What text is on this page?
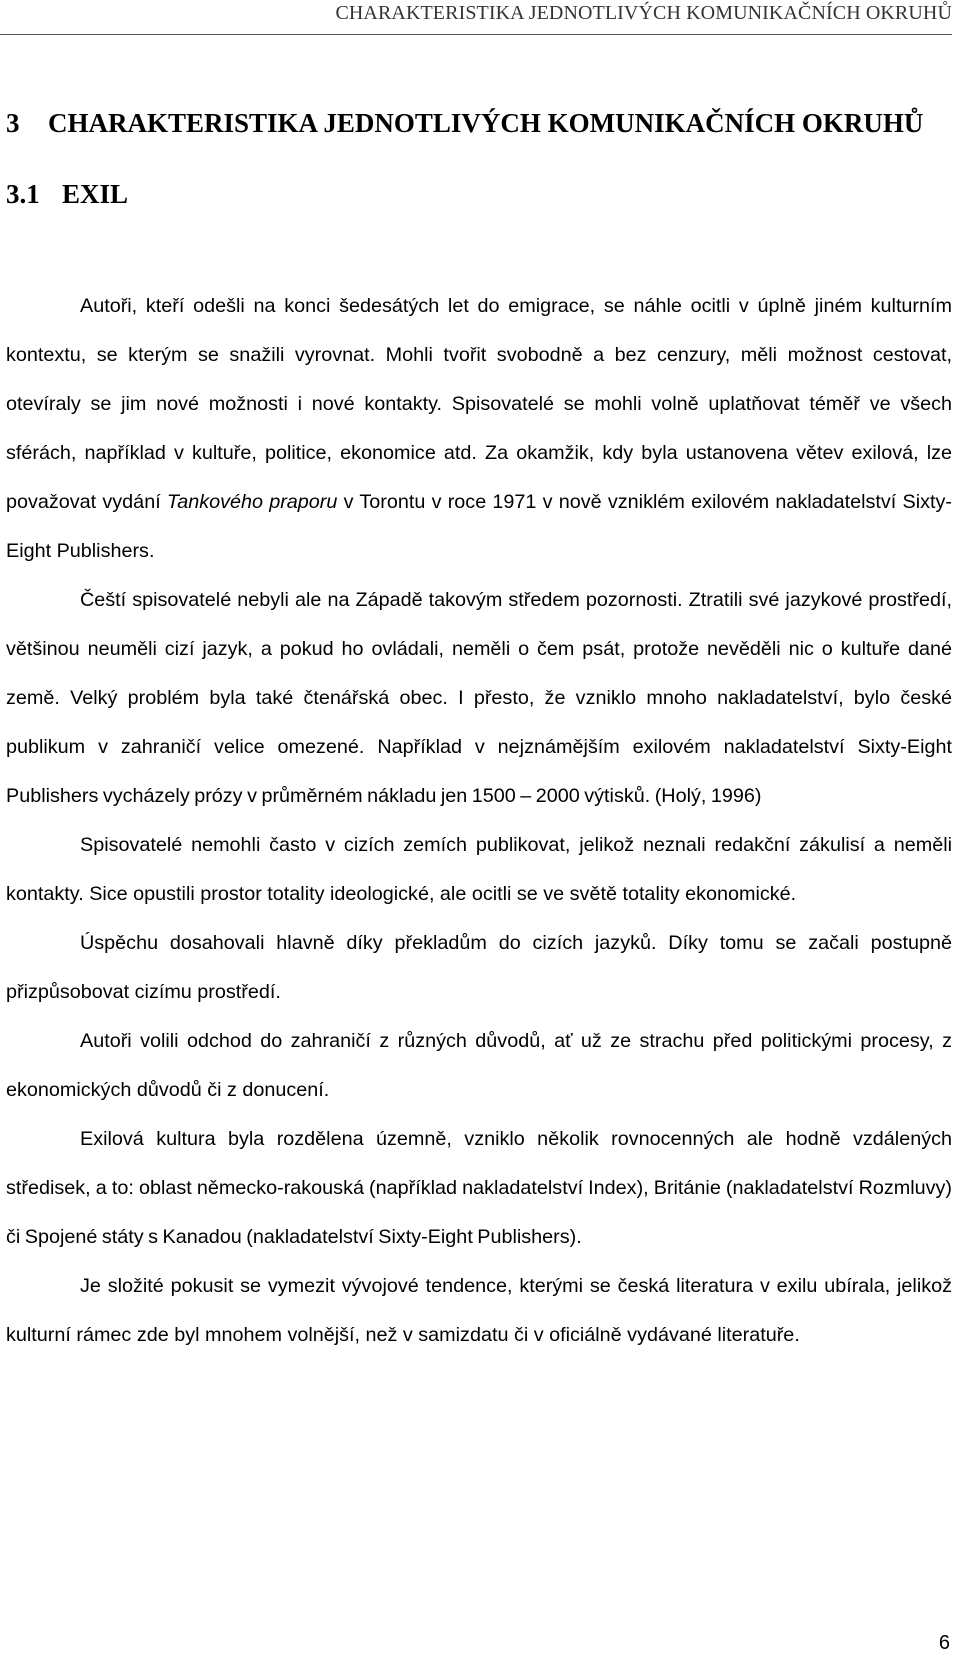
CHARAKTERISTIKA JEDNOTLIVÝCH KOMUNIKAČNÍCH OKRUHŮ
3 CHARAKTERISTIKA JEDNOTLIVÝCH KOMUNIKAČNÍCH OKRUHŮ
3.1 EXIL

Autoři, kteří odešli na konci šedesátých let do emigrace, se náhle ocitli v úplně jiném kulturním kontextu, se kterým se snažili vyrovnat. Mohli tvořit svobodně a bez cenzury, měli možnost cestovat, otevíraly se jim nové možnosti i nové kontakty. Spisovatelé se mohli volně uplatňovat téměř ve všech sférách, například v kultuře, politice, ekonomice atd. Za okamžik, kdy byla ustanovena větev exilová, lze považovat vydání Tankového praporu v Torontu v roce 1971 v nově vzniklém exilovém nakladatelství Sixty-Eight Publishers.

Čeští spisovatelé nebyli ale na Západě takovým středem pozornosti. Ztratili své jazykové prostředí, většinou neuměli cizí jazyk, a pokud ho ovládali, neměli o čem psát, protože nevěděli nic o kultuře dané země. Velký problém byla také čtenářská obec. I přesto, že vzniklo mnoho nakladatelství, bylo české publikum v zahraničí velice omezené. Například v nejznámějším exilovém nakladatelství Sixty-Eight Publishers vycházely prózy v průměrném nákladu jen 1500 – 2000 výtisků. (Holý, 1996)

Spisovatelé nemohli často v cizích zemích publikovat, jelikož neznali redakční zákulisí a neměli kontakty. Sice opustili prostor totality ideologické, ale ocitli se ve světě totality ekonomické.

Úspěchu dosahovali hlavně díky překladům do cizích jazyků. Díky tomu se začali postupně přizpůsobovat cizímu prostředí.

Autoři volili odchod do zahraničí z různých důvodů, ať už ze strachu před politickými procesy, z ekonomických důvodů či z donucení.

Exilová kultura byla rozdělena územně, vzniklo několik rovnocenných ale hodně vzdálených středisek, a to: oblast německo-rakouská (například nakladatelství Index), Británie (nakladatelství Rozmluvy) či Spojené státy s Kanadou (nakladatelství Sixty-Eight Publishers).

Je složité pokusit se vymezit vývojové tendence, kterými se česká literatura v exilu ubírala, jelikož kulturní rámec zde byl mnohem volnější, než v samizdatu či v oficiálně vydávané literatuře.

6
